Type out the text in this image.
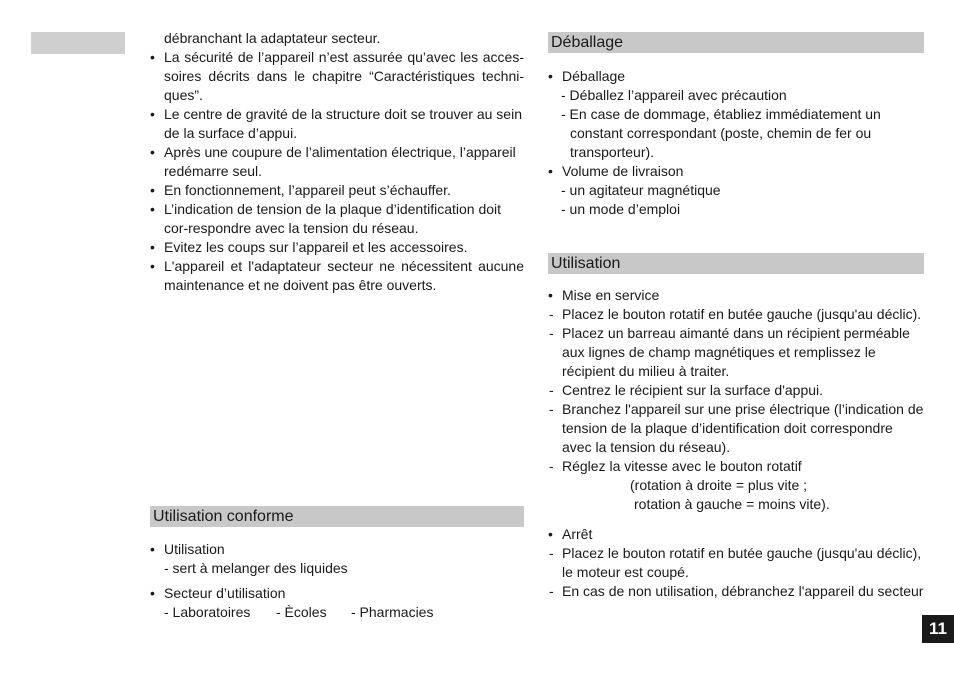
débranchant la adaptateur secteur.

• La sécurité de l’appareil n’est assurée qu’avec les acces-soires décrits dans le chapitre “Caractéristiques techni-ques”.

• Le centre de gravité de la structure doit se trouver au sein de la surface d’appui.

• Après une coupure de l’alimentation électrique, l’appareil redémarre seul.

• En fonctionnement, l’appareil peut s’échauffer.

• L’indication de tension de la plaque d’identification doit cor-respondre avec la tension du réseau.

• Evitez les coups sur l’appareil et les accessoires.

• L'appareil et l'adaptateur secteur ne nécessitent aucune maintenance et ne doivent pas être ouverts.

Utilisation conforme

• Utilisation

- sert à melanger des liquides

• Secteur d’utilisation

- Laboratoires	- Ècoles	- Pharmacies

Déballage

• Déballage

- Déballez l’appareil avec précaution

- En case de dommage, établiez immédiatement un

constant correspondant (poste, chemin de fer ou

transporteur).

• Volume de livraison

- un agitateur magnétique

- un mode d’emploi

Utilisation

• Mise en service

- Placez le bouton rotatif en butée gauche (jusqu'au déclic).

- Placez un barreau aimanté dans un récipient perméable aux lignes de champ magnétiques et remplissez le récipient du milieu à traiter.

- Centrez le récipient sur la surface d'appui.

- Branchez l'appareil sur une prise électrique (l’indication de tension de la plaque d’identification doit correspondre avec la tension du réseau).

- Réglez la vitesse avec le bouton rotatif

(rotation à droite = plus vite ;

rotation à gauche = moins vite).

• Arrêt

- Placez le bouton rotatif en butée gauche (jusqu'au déclic), le moteur est coupé.

- En cas de non utilisation, débranchez l'appareil du secteur

11
